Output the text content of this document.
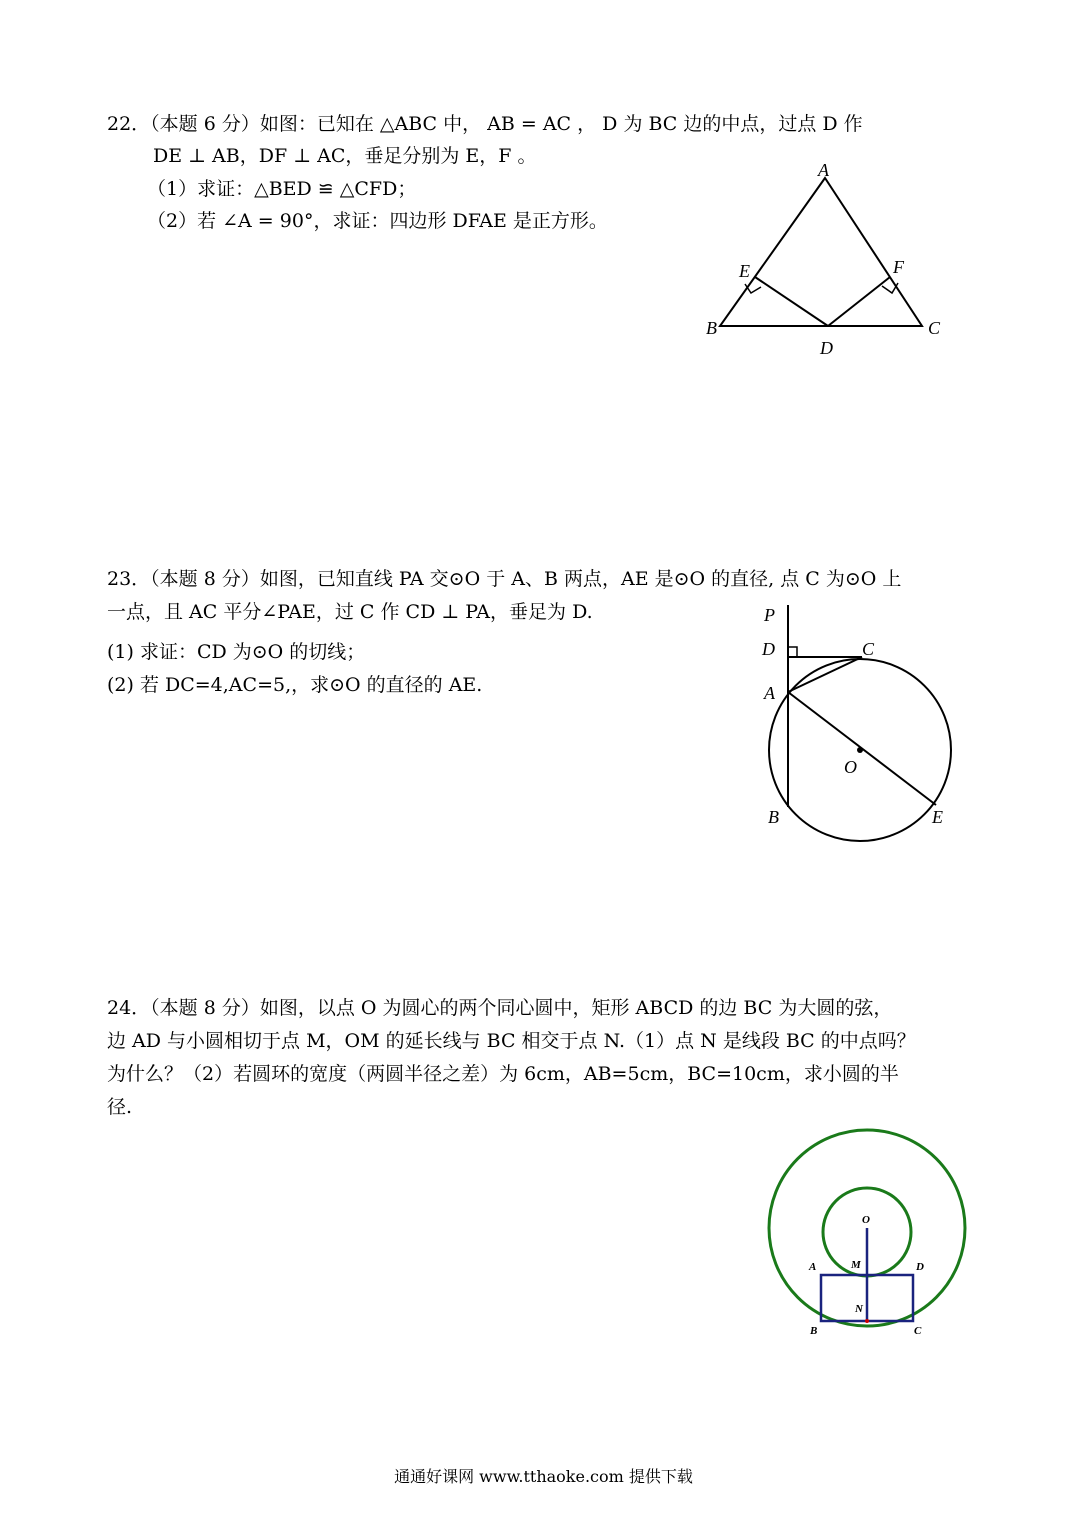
22．（本题 6 分）如图：已知在 △ABC 中， AB = AC ， D 为 BC 边的中点，过点 D 作
DE ⊥ AB，DF ⊥ AC，垂足分别为 E，F 。
（1）求证：△BED ≌ △CFD；
（2）若 ∠A = 90°，求证：四边形 DFAE 是正方形。
A
B	C
D
E	F
23．（本题 8 分）如图，已知直线 PA 交⊙O 于 A、B 两点，AE 是⊙O 的直径, 点 C 为⊙O 上
一点，且 AC 平分∠PAE，过 C 作 CD ⊥ PA，垂足为 D.
(1) 求证：CD 为⊙O 的切线；
(2) 若 DC=4,AC=5,，求⊙O 的直径的 AE.
P
D	C
A
O
B	E
24．（本题 8 分）如图，以点 O 为圆心的两个同心圆中，矩形 ABCD 的边 BC 为大圆的弦，
边 AD 与小圆相切于点 M，OM 的延长线与 BC 相交于点 N.（1）点 N 是线段 BC 的中点吗？
为什么？（2）若圆环的宽度（两圆半径之差）为 6cm，AB=5cm，BC=10cm，求小圆的半
径.
O
A	M	D
N
B	C
通通好课网 www.tthaoke.com 提供下载
